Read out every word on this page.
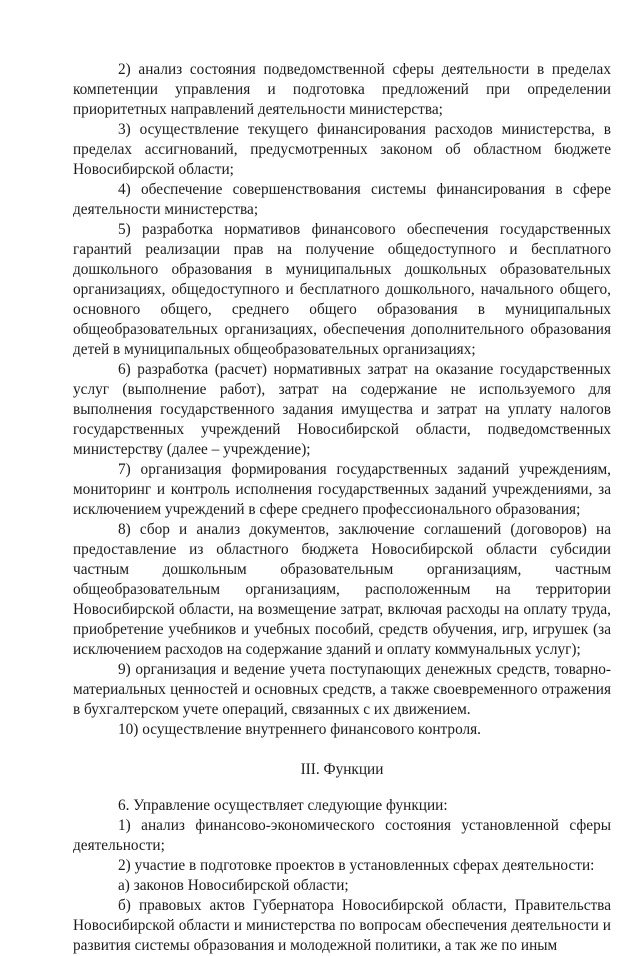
2) анализ состояния подведомственной сферы деятельности в пределах компетенции управления и подготовка предложений при определении приоритетных направлений деятельности министерства;

3) осуществление текущего финансирования расходов министерства, в пределах ассигнований, предусмотренных законом об областном бюджете Новосибирской области;

4) обеспечение совершенствования системы финансирования в сфере деятельности министерства;

5) разработка нормативов финансового обеспечения государственных гарантий реализации прав на получение общедоступного и бесплатного дошкольного образования в муниципальных дошкольных образовательных организациях, общедоступного и бесплатного дошкольного, начального общего, основного общего, среднего общего образования в муниципальных общеобразовательных организациях, обеспечения дополнительного образования детей в муниципальных общеобразовательных организациях;

6) разработка (расчет) нормативных затрат на оказание государственных услуг (выполнение работ), затрат на содержание не используемого для выполнения государственного задания имущества и затрат на уплату налогов государственных учреждений Новосибирской области, подведомственных министерству (далее – учреждение);

7) организация формирования государственных заданий учреждениям, мониторинг и контроль исполнения государственных заданий учреждениями, за исключением учреждений в сфере среднего профессионального образования;

8) сбор и анализ документов, заключение соглашений (договоров) на предоставление из областного бюджета Новосибирской области субсидии частным дошкольным образовательным организациям, частным общеобразовательным организациям, расположенным на территории Новосибирской области, на возмещение затрат, включая расходы на оплату труда, приобретение учебников и учебных пособий, средств обучения, игр, игрушек (за исключением расходов на содержание зданий и оплату коммунальных услуг);

9) организация и ведение учета поступающих денежных средств, товарно-материальных ценностей и основных средств, а также своевременного отражения в бухгалтерском учете операций, связанных с их движением.

10) осуществление внутреннего финансового контроля.

III. Функции

6. Управление осуществляет следующие функции:

1) анализ финансово-экономического состояния установленной сферы деятельности;

2) участие в подготовке проектов в установленных сферах деятельности:

а) законов Новосибирской области;

б) правовых актов Губернатора Новосибирской области, Правительства Новосибирской области и министерства по вопросам обеспечения деятельности и развития системы образования и молодежной политики, а так же по иным
